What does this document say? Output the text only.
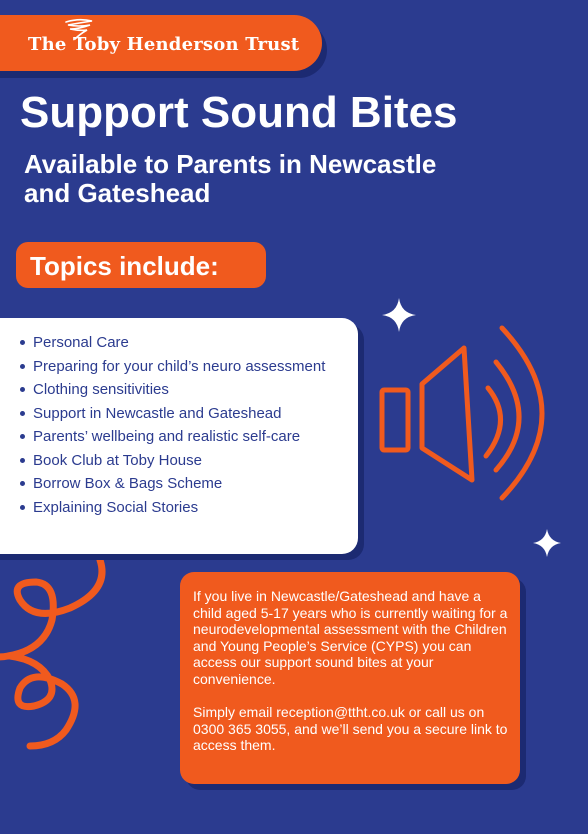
The Toby Henderson Trust
Support Sound Bites
Available to Parents in Newcastle and Gateshead
Topics include:
Personal Care
Preparing for your child’s neuro assessment
Clothing sensitivities
Support in Newcastle and Gateshead
Parents’ wellbeing and realistic self-care
Book Club at Toby House
Borrow Box & Bags Scheme
Explaining Social Stories

If you live in Newcastle/Gateshead and have a child aged 5-17 years who is currently waiting for a neurodevelopmental assessment with the Children and Young People’s Service (CYPS) you can access our support sound bites at your convenience.

Simply email reception@ttht.co.uk or call us on 0300 365 3055, and we’ll send you a secure link to access them.
